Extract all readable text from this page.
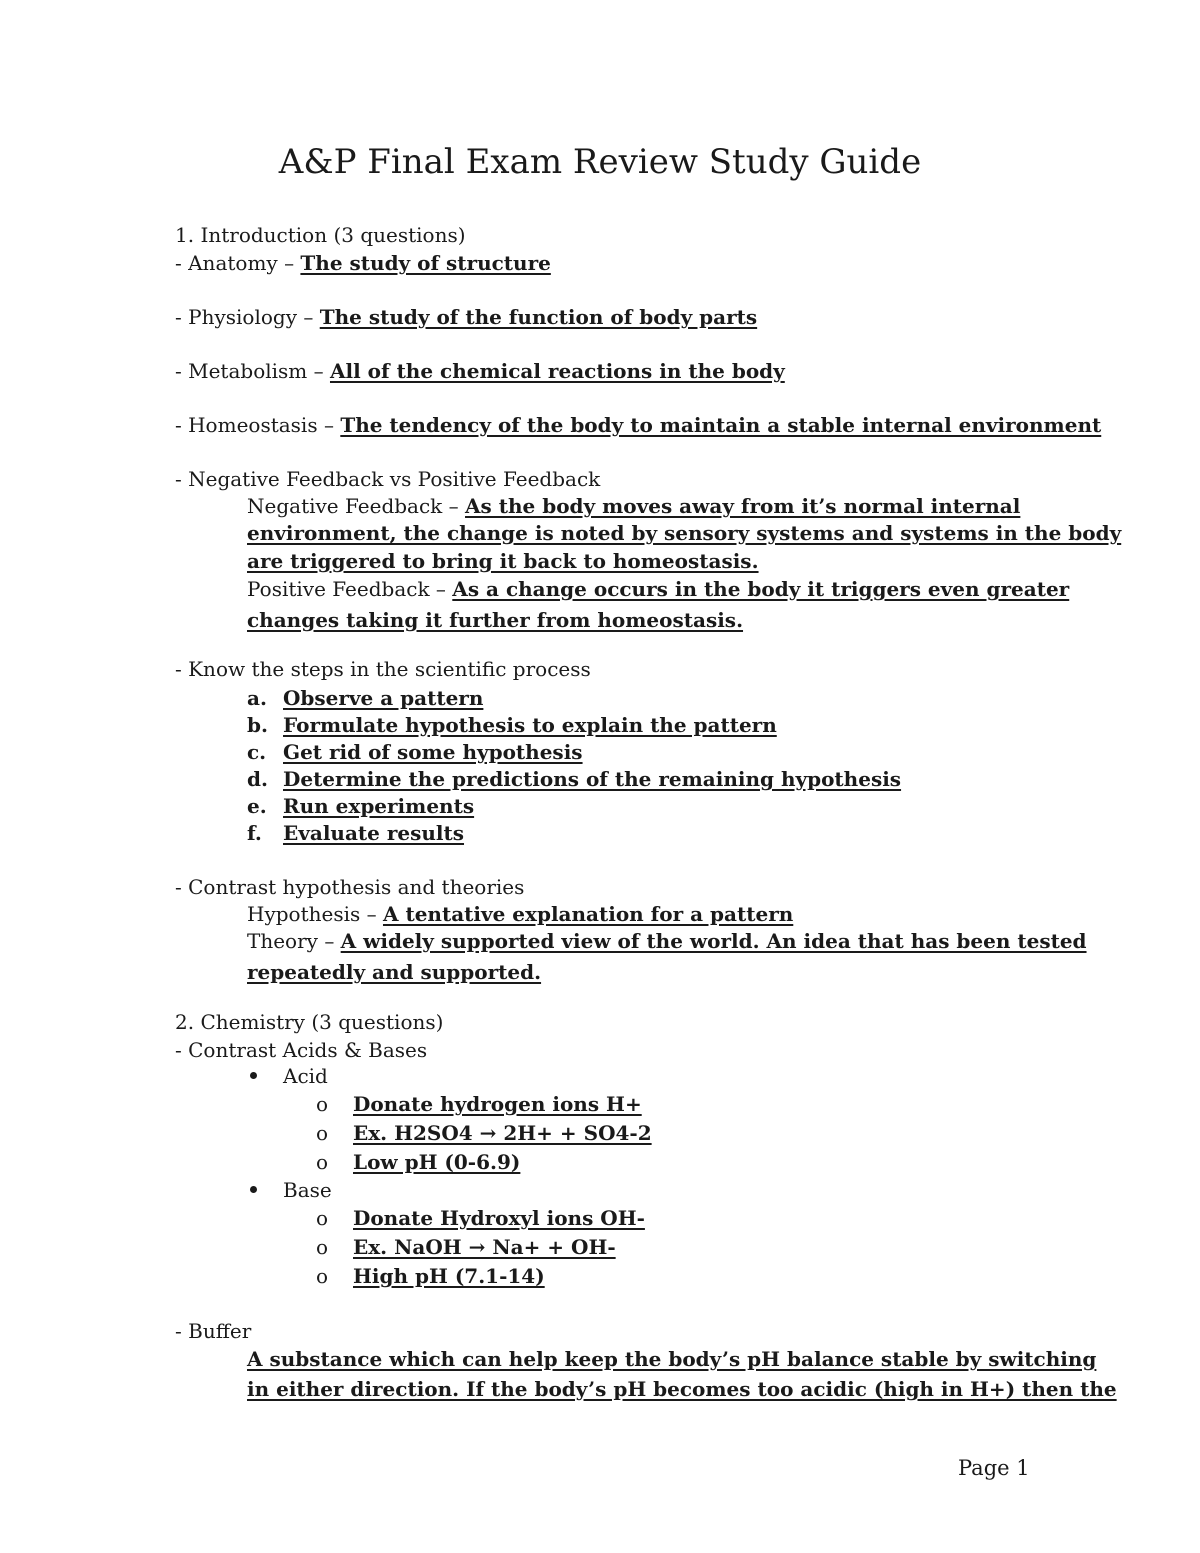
A&P Final Exam Review Study Guide
1. Introduction (3 questions)
- Anatomy – The study of structure
- Physiology – The study of the function of body parts
- Metabolism – All of the chemical reactions in the body
- Homeostasis – The tendency of the body to maintain a stable internal environment
- Negative Feedback vs Positive Feedback
Negative Feedback – As the body moves away from it’s normal internal
environment, the change is noted by sensory systems and systems in the body
are triggered to bring it back to homeostasis.
Positive Feedback – As a change occurs in the body it triggers even greater
changes taking it further from homeostasis.
- Know the steps in the scientific process
a. Observe a pattern
b. Formulate hypothesis to explain the pattern
c. Get rid of some hypothesis
d. Determine the predictions of the remaining hypothesis
e. Run experiments
f. Evaluate results
- Contrast hypothesis and theories
Hypothesis – A tentative explanation for a pattern
Theory – A widely supported view of the world. An idea that has been tested
repeatedly and supported.
2. Chemistry (3 questions)
- Contrast Acids & Bases
Acid
o Donate hydrogen ions H+
o Ex. H2SO4 → 2H+ + SO4-2
o Low pH (0-6.9)
Base
o Donate Hydroxyl ions OH-
o Ex. NaOH → Na+ + OH-
o High pH (7.1-14)
- Buffer
A substance which can help keep the body’s pH balance stable by switching
in either direction. If the body’s pH becomes too acidic (high in H+) then the
Page 1
